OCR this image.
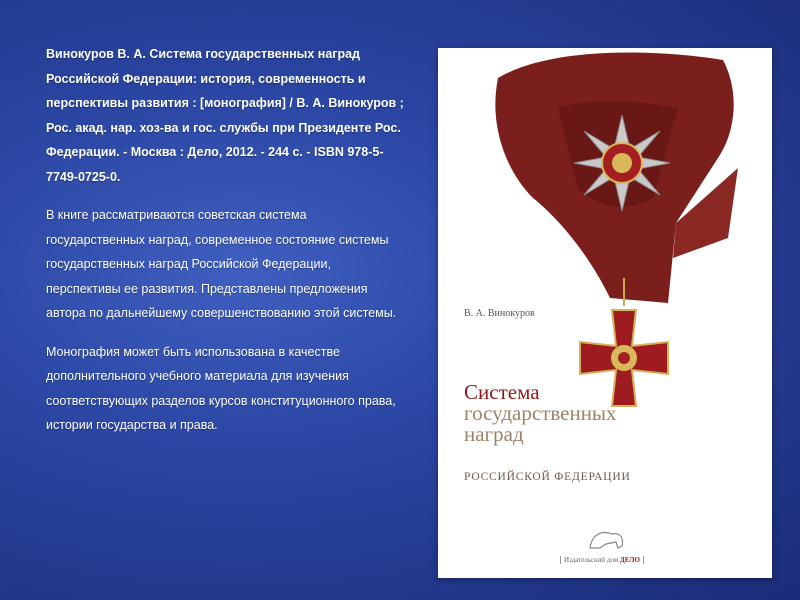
Винокуров В. А. Система государственных наград Российской Федерации: история, современность и перспективы развития : [монография] / В. А. Винокуров ; Рос. акад. нар. хоз-ва и гос. службы при Президенте Рос. Федерации. - Москва : Дело, 2012. - 244 с. - ISBN 978-5-7749-0725-0.

В книге рассматриваются советская система государственных наград, современное состояние системы государственных наград Российской Федерации, перспективы ее развития. Представлены предложения автора по дальнейшему совершенствованию этой системы.

Монография может быть использована в качестве дополнительного учебного материала для изучения соответствующих разделов курсов конституционного права, истории государства и права.

В. А. Винокуров
Система
государственных
наград
РОССИЙСКОЙ ФЕДЕРАЦИИ
Издательский дом ДЕЛО
